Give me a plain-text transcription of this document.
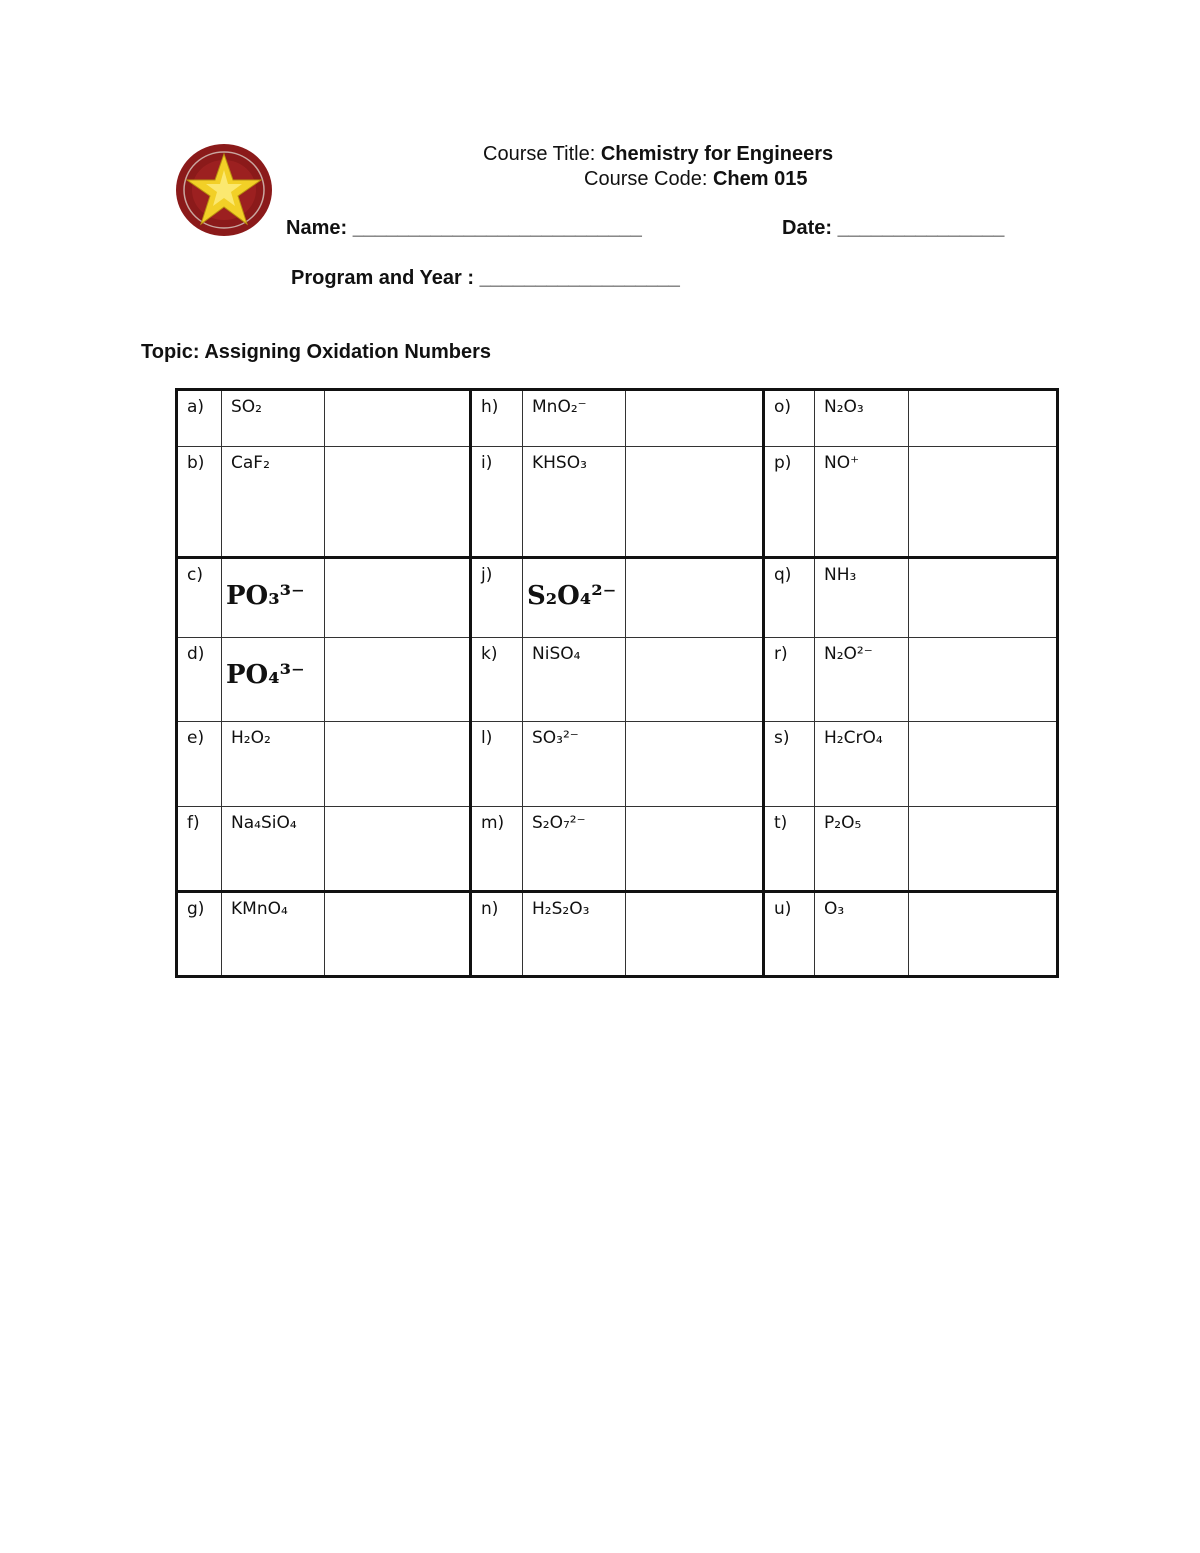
Course Title: Chemistry for Engineers
Course Code: Chem 015
Name: __________________________	Date: _______________
Program and Year : __________________
Topic: Assigning Oxidation Numbers
a)	SO₂		h)	MnO₂⁻		o)	N₂O₃	
b)	CaF₂		i)	KHSO₃		p)	NO⁺	
c)	PO₃³⁻		j)	S₂O₄²⁻		q)	NH₃	
d)	PO₄³⁻		k)	NiSO₄		r)	N₂O²⁻	
e)	H₂O₂		l)	SO₃²⁻		s)	H₂CrO₄	
f)	Na₄SiO₄		m)	S₂O₇²⁻		t)	P₂O₅	
g)	KMnO₄		n)	H₂S₂O₃		u)	O₃	
